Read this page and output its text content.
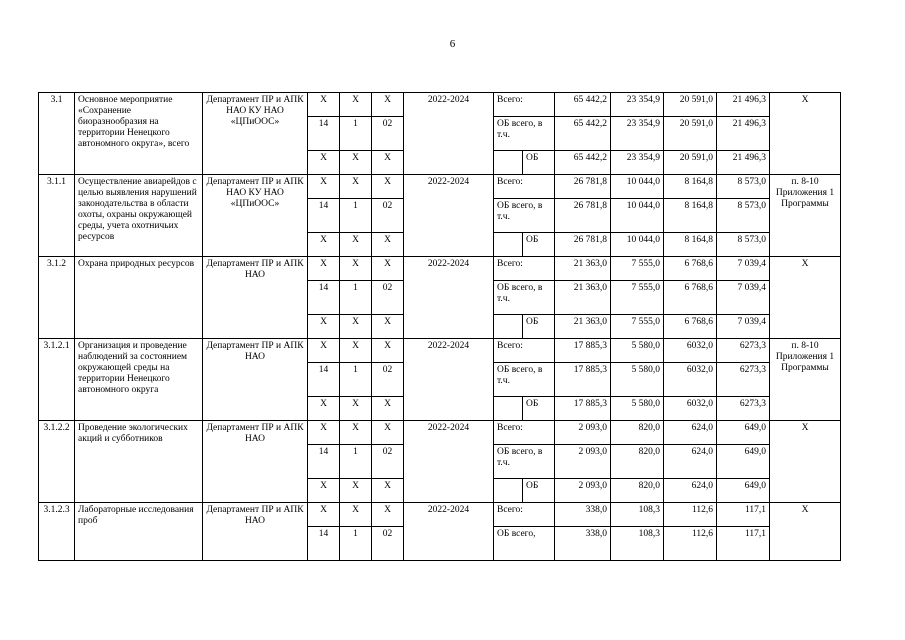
6
3.1	Основное мероприятие «Сохранение биоразнообразия на территории Ненецкого автономного округа», всего	Департамент ПР и АПК НАО КУ НАО «ЦПиООС»	X	X	X	2022-2024	Всего:		65 442,2	23 354,9	20 591,0	21 496,3	X
			14	1	02		ОБ всего, в т.ч.		65 442,2	23 354,9	20 591,0	21 496,3	
			X	X	X			ОБ	65 442,2	23 354,9	20 591,0	21 496,3	
3.1.1	Осуществление авиарейдов с целью выявления нарушений законодательства в области охоты, охраны окружающей среды, учета охотничьих ресурсов	Департамент ПР и АПК НАО КУ НАО «ЦПиООС»	X	X	X	2022-2024	Всего:		26 781,8	10 044,0	8 164,8	8 573,0	п. 8-10 Приложения 1 Программы
			14	1	02		ОБ всего, в т.ч.		26 781,8	10 044,0	8 164,8	8 573,0	
			X	X	X			ОБ	26 781,8	10 044,0	8 164,8	8 573,0	
3.1.2	Охрана природных ресурсов	Департамент ПР и АПК НАО	X	X	X	2022-2024	Всего:		21 363,0	7 555,0	6 768,6	7 039,4	X
			14	1	02		ОБ всего, в т.ч.		21 363,0	7 555,0	6 768,6	7 039,4	
			X	X	X			ОБ	21 363,0	7 555,0	6 768,6	7 039,4	
3.1.2.1	Организация и проведение наблюдений за состоянием окружающей среды на территории Ненецкого автономного округа	Департамент ПР и АПК НАО	X	X	X	2022-2024	Всего:		17 885,3	5 580,0	6032,0	6273,3	п. 8-10 Приложения 1 Программы
			14	1	02		ОБ всего, в т.ч.		17 885,3	5 580,0	6032,0	6273,3	
			X	X	X			ОБ	17 885,3	5 580,0	6032,0	6273,3	
3.1.2.2	Проведение экологических акций и субботников	Департамент ПР и АПК НАО	X	X	X	2022-2024	Всего:		2 093,0	820,0	624,0	649,0	X
			14	1	02		ОБ всего, в т.ч.		2 093,0	820,0	624,0	649,0	
			X	X	X			ОБ	2 093,0	820,0	624,0	649,0	
3.1.2.3	Лабораторные исследования проб	Департамент ПР и АПК НАО	X	X	X	2022-2024	Всего:		338,0	108,3	112,6	117,1	X
			14	1	02		ОБ всего,		338,0	108,3	112,6	117,1	
